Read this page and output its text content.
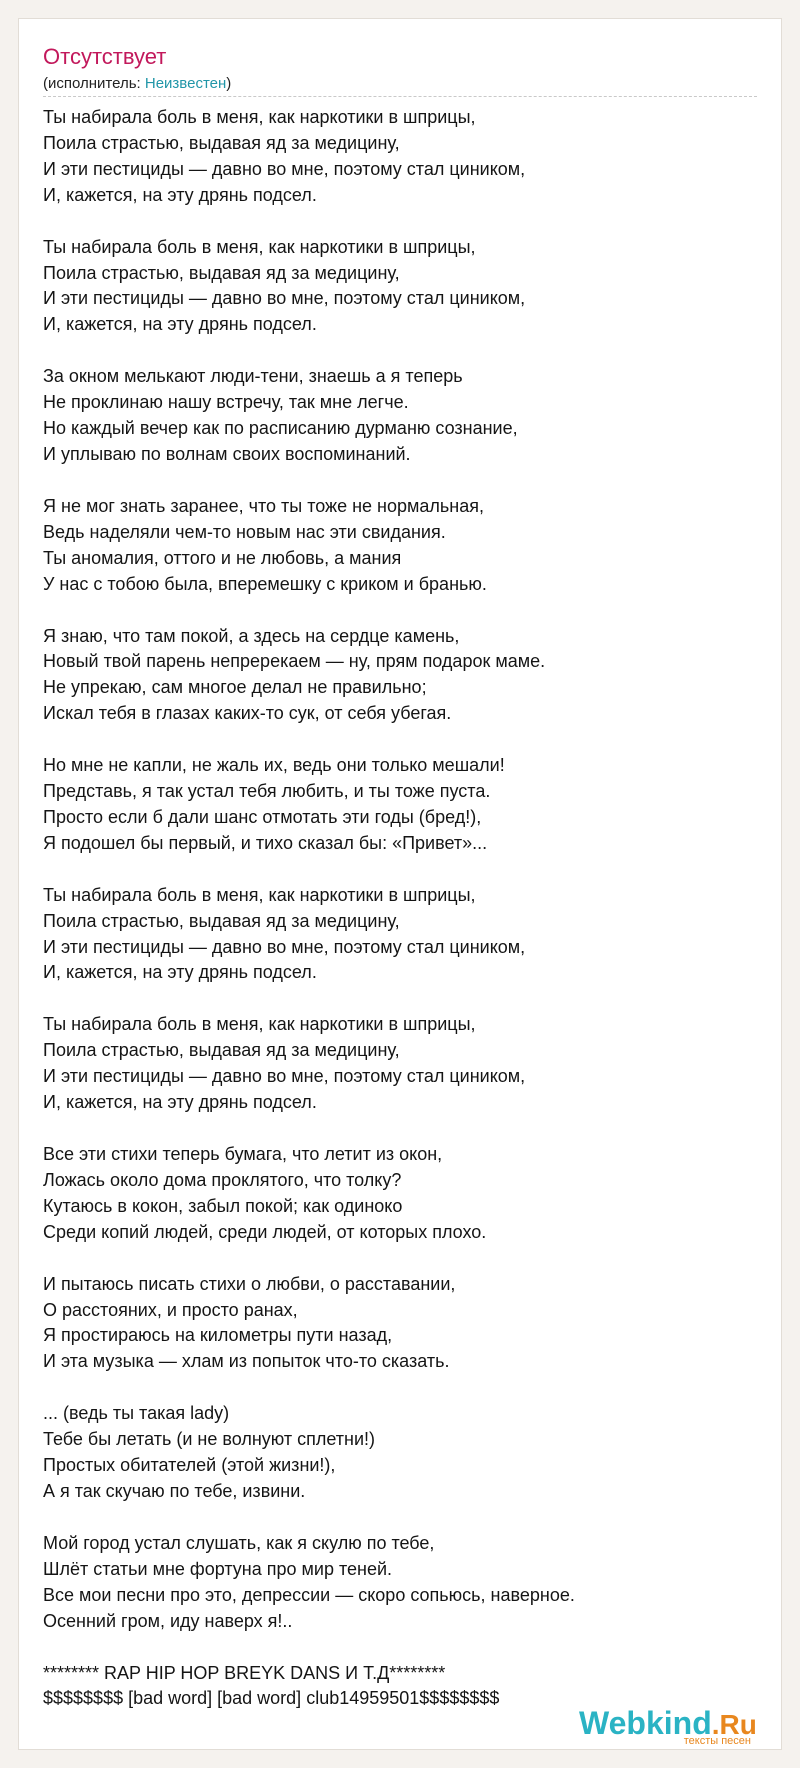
Отсутствует
(исполнитель: Неизвестен)
Ты набирала боль в меня, как наркотики в шприцы,
Поила страстью, выдавая яд за медицину,
И эти пестициды — давно во мне, поэтому стал циником,
И, кажется, на эту дрянь подсел.
Ты набирала боль в меня, как наркотики в шприцы,
Поила страстью, выдавая яд за медицину,
И эти пестициды — давно во мне, поэтому стал циником,
И, кажется, на эту дрянь подсел.
За окном мелькают люди-тени, знаешь а я теперь
Не проклинаю нашу встречу, так мне легче.
Но каждый вечер как по расписанию дурманю сознание,
И уплываю по волнам своих воспоминаний.
Я не мог знать заранее, что ты тоже не нормальная,
Ведь наделяли чем-то новым нас эти свидания.
Ты аномалия, оттого и не любовь, а мания
У нас с тобою была, вперемешку с криком и бранью.
Я знаю, что там покой, а здесь на сердце камень,
Новый твой парень непререкаем — ну, прям подарок маме.
Не упрекаю, сам многое делал не правильно;
Искал тебя в глазах каких-то сук, от себя убегая.
Но мне не капли, не жаль их, ведь они только мешали!
Представь, я так устал тебя любить, и ты тоже пуста.
Просто если б дали шанс отмотать эти годы (бред!),
Я подошел бы первый, и тихо сказал бы: «Привет»...
Ты набирала боль в меня, как наркотики в шприцы,
Поила страстью, выдавая яд за медицину,
И эти пестициды — давно во мне, поэтому стал циником,
И, кажется, на эту дрянь подсел.
Ты набирала боль в меня, как наркотики в шприцы,
Поила страстью, выдавая яд за медицину,
И эти пестициды — давно во мне, поэтому стал циником,
И, кажется, на эту дрянь подсел.
Все эти стихи теперь бумага, что летит из окон,
Ложась около дома проклятого, что толку?
Кутаюсь в кокон, забыл покой; как одиноко
Среди копий людей, среди людей, от которых плохо.
И пытаюсь писать стихи о любви, о расставании,
О расстояних, и просто ранах,
Я простираюсь на километры пути назад,
И эта музыка — хлам из попыток что-то сказать.
... (ведь ты такая lady)
Тебе бы летать (и не волнуют сплетни!)
Простых обитателей (этой жизни!),
А я так скучаю по тебе, извини.
Мой город устал слушать, как я скулю по тебе,
Шлёт статьи мне фортуна про мир теней.
Все мои песни про это, депрессии — скоро сопьюсь, наверное.
Осенний гром, иду наверх я!..
******** RAP HIP HOP BREYK DANS И Т.Д********
$$$$$$$$ [bad word] [bad word] club14959501$$$$$$$$
Webkind.Ru
тексты песен
